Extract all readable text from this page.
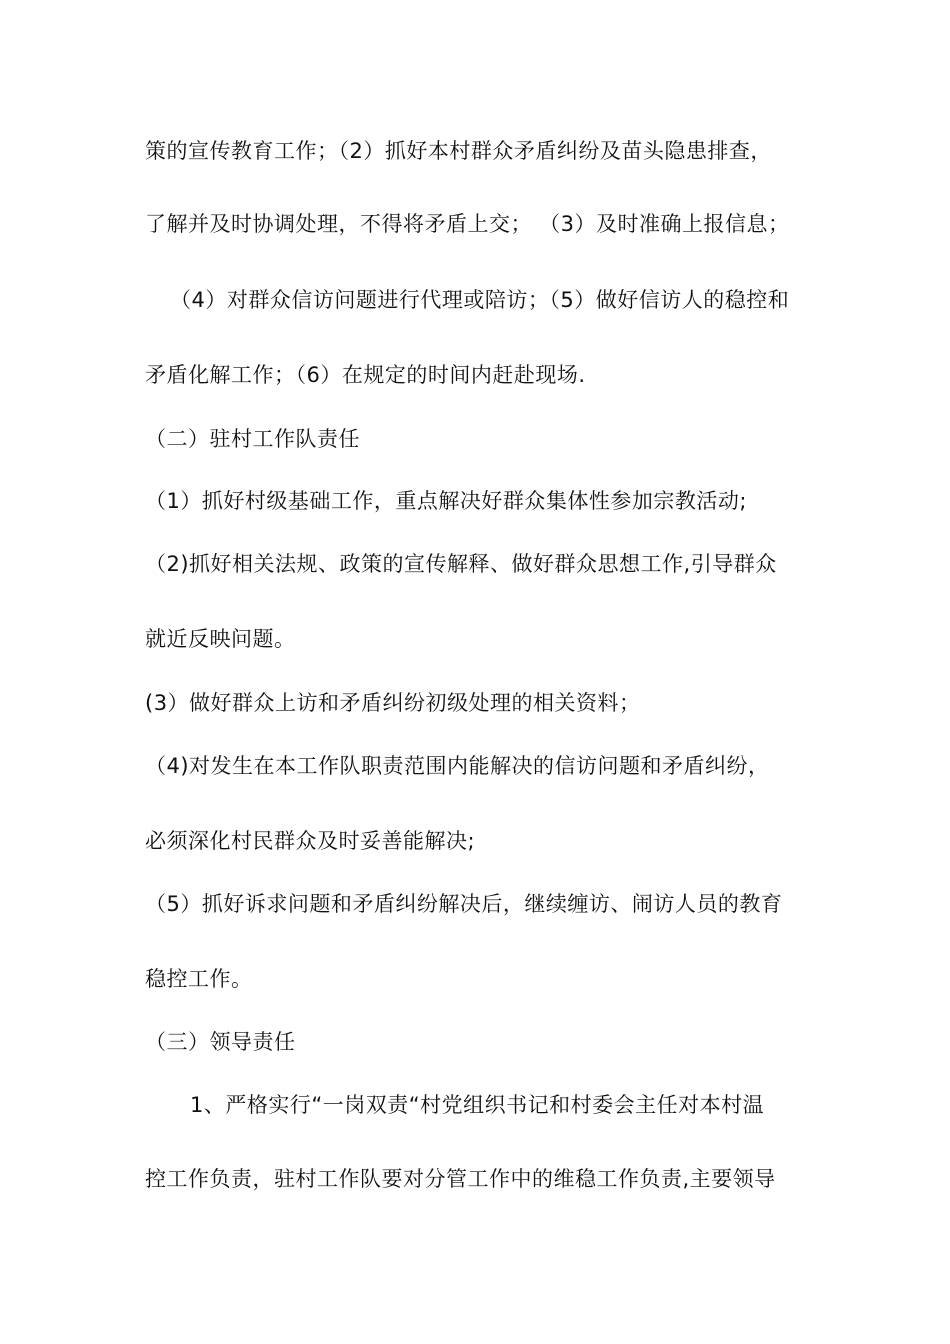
策的宣传教育工作；（2）抓好本村群众矛盾纠纷及苗头隐患排查，
了解并及时协调处理，不得将矛盾上交； （3）及时准确上报信息；
（4）对群众信访问题进行代理或陪访；（5）做好信访人的稳控和
矛盾化解工作；（6）在规定的时间内赶赴现场.
（二）驻村工作队责任
（1）抓好村级基础工作，重点解决好群众集体性参加宗教活动;
（2)抓好相关法规、政策的宣传解释、做好群众思想工作,引导群众
就近反映问题。
(3）做好群众上访和矛盾纠纷初级处理的相关资料；
（4)对发生在本工作队职责范围内能解决的信访问题和矛盾纠纷，
必须深化村民群众及时妥善能解决;
（5）抓好诉求问题和矛盾纠纷解决后，继续缠访、闹访人员的教育
稳控工作。
（三）领导责任
1、严格实行“一岗双责“村党组织书记和村委会主任对本村温
控工作负责，驻村工作队要对分管工作中的维稳工作负责,主要领导
